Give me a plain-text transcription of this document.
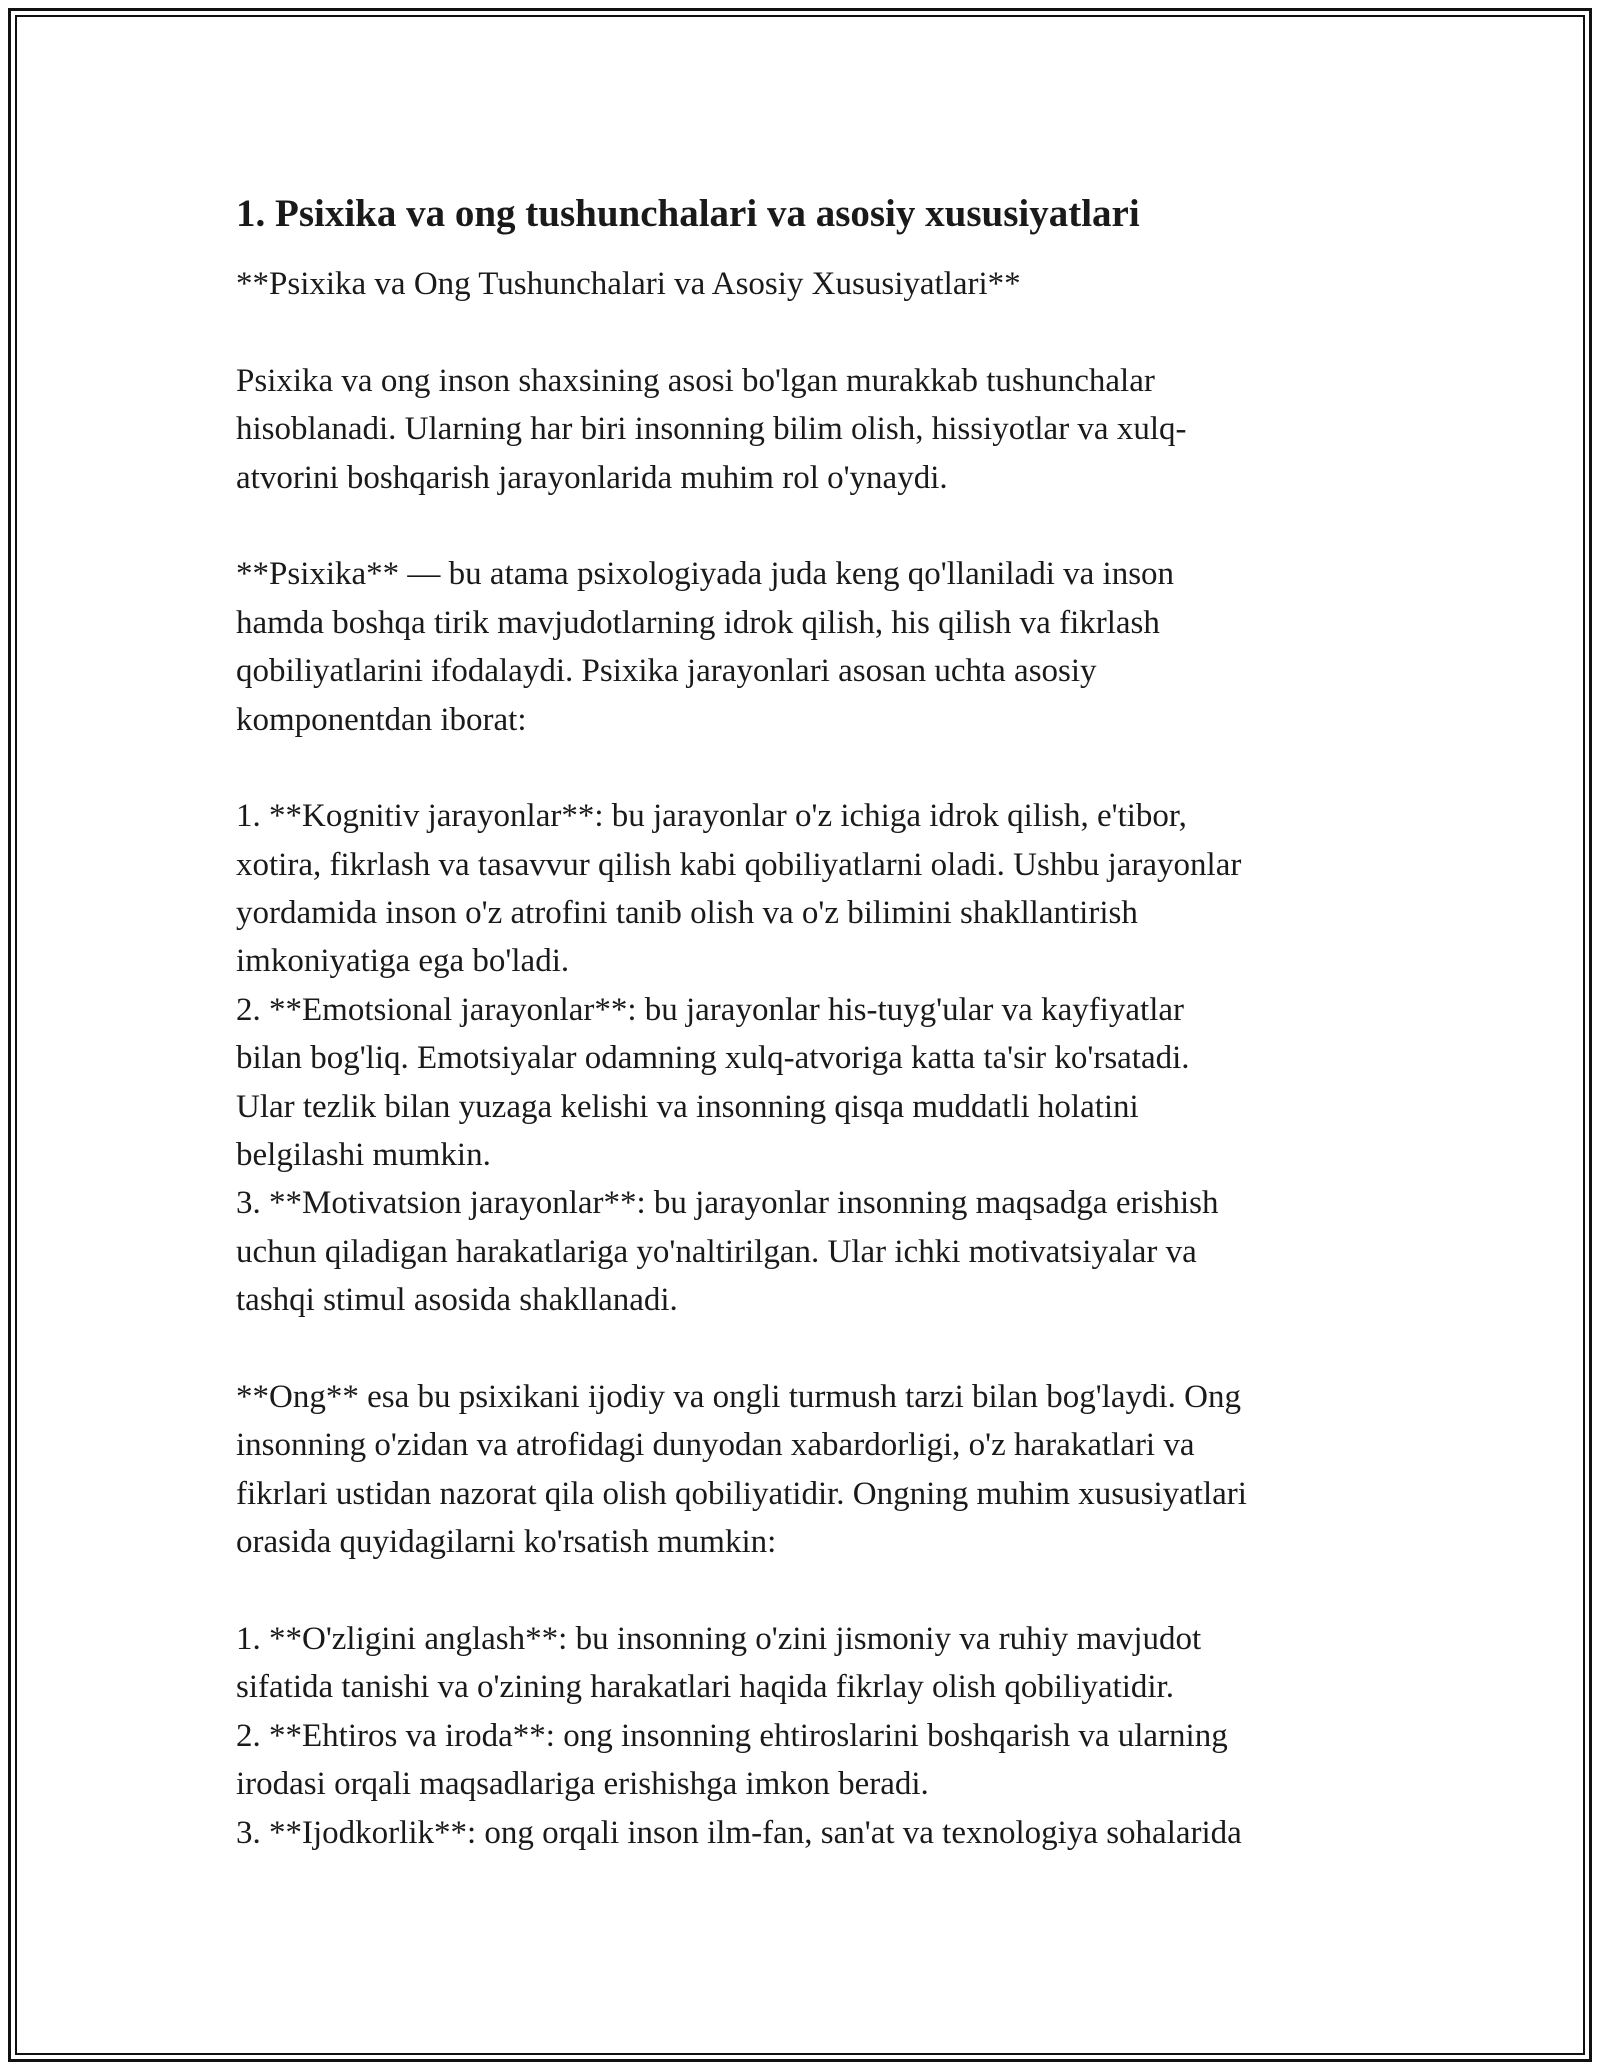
1. Psixika va ong tushunchalari va asosiy xususiyatlari
**Psixika va Ong Tushunchalari va Asosiy Xususiyatlari**
Psixika va ong inson shaxsining asosi bo'lgan murakkab tushunchalar
hisoblanadi. Ularning har biri insonning bilim olish, hissiyotlar va xulq-
atvorini boshqarish jarayonlarida muhim rol o'ynaydi.
**Psixika** — bu atama psixologiyada juda keng qo'llaniladi va inson
hamda boshqa tirik mavjudotlarning idrok qilish, his qilish va fikrlash
qobiliyatlarini ifodalaydi. Psixika jarayonlari asosan uchta asosiy
komponentdan iborat:
1. **Kognitiv jarayonlar**: bu jarayonlar o'z ichiga idrok qilish, e'tibor,
xotira, fikrlash va tasavvur qilish kabi qobiliyatlarni oladi. Ushbu jarayonlar
yordamida inson o'z atrofini tanib olish va o'z bilimini shakllantirish
imkoniyatiga ega bo'ladi.
2. **Emotsional jarayonlar**: bu jarayonlar his-tuyg'ular va kayfiyatlar
bilan bog'liq. Emotsiyalar odamning xulq-atvoriga katta ta'sir ko'rsatadi.
Ular tezlik bilan yuzaga kelishi va insonning qisqa muddatli holatini
belgilashi mumkin.
3. **Motivatsion jarayonlar**: bu jarayonlar insonning maqsadga erishish
uchun qiladigan harakatlariga yo'naltirilgan. Ular ichki motivatsiyalar va
tashqi stimul asosida shakllanadi.
**Ong** esa bu psixikani ijodiy va ongli turmush tarzi bilan bog'laydi. Ong
insonning o'zidan va atrofidagi dunyodan xabardorligi, o'z harakatlari va
fikrlari ustidan nazorat qila olish qobiliyatidir. Ongning muhim xususiyatlari
orasida quyidagilarni ko'rsatish mumkin:
1. **O'zligini anglash**: bu insonning o'zini jismoniy va ruhiy mavjudot
sifatida tanishi va o'zining harakatlari haqida fikrlay olish qobiliyatidir.
2. **Ehtiros va iroda**: ong insonning ehtiroslarini boshqarish va ularning
irodasi orqali maqsadlariga erishishga imkon beradi.
3. **Ijodkorlik**: ong orqali inson ilm-fan, san'at va texnologiya sohalarida
